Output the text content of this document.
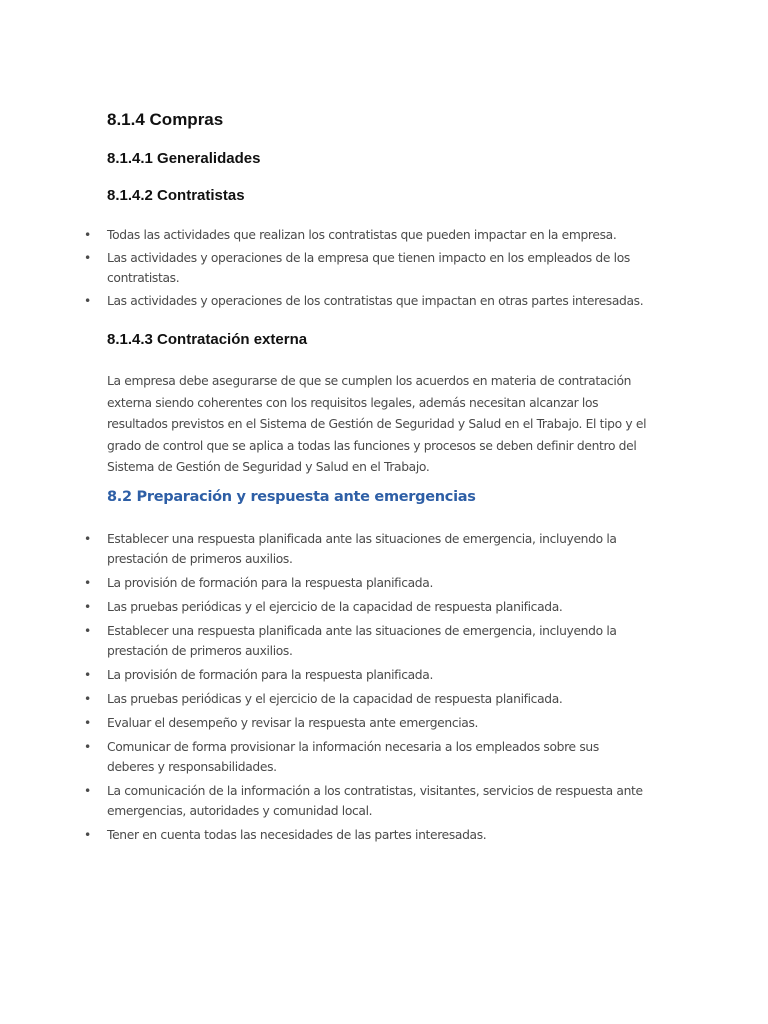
8.1.4 Compras
8.1.4.1 Generalidades
8.1.4.2 Contratistas
• Todas las actividades que realizan los contratistas que pueden impactar en la empresa.
• Las actividades y operaciones de la empresa que tienen impacto en los empleados de los contratistas.
• Las actividades y operaciones de los contratistas que impactan en otras partes interesadas.
8.1.4.3 Contratación externa

La empresa debe asegurarse de que se cumplen los acuerdos en materia de contratación externa siendo coherentes con los requisitos legales, además necesitan alcanzar los resultados previstos en el Sistema de Gestión de Seguridad y Salud en el Trabajo. El tipo y el grado de control que se aplica a todas las funciones y procesos se deben definir dentro del Sistema de Gestión de Seguridad y Salud en el Trabajo.

8.2 Preparación y respuesta ante emergencias
• Establecer una respuesta planificada ante las situaciones de emergencia, incluyendo la prestación de primeros auxilios.
• La provisión de formación para la respuesta planificada.
• Las pruebas periódicas y el ejercicio de la capacidad de respuesta planificada.
• Establecer una respuesta planificada ante las situaciones de emergencia, incluyendo la prestación de primeros auxilios.
• La provisión de formación para la respuesta planificada.
• Las pruebas periódicas y el ejercicio de la capacidad de respuesta planificada.
• Evaluar el desempeño y revisar la respuesta ante emergencias.
• Comunicar de forma provisionar la información necesaria a los empleados sobre sus deberes y responsabilidades.
• La comunicación de la información a los contratistas, visitantes, servicios de respuesta ante emergencias, autoridades y comunidad local.
• Tener en cuenta todas las necesidades de las partes interesadas.
